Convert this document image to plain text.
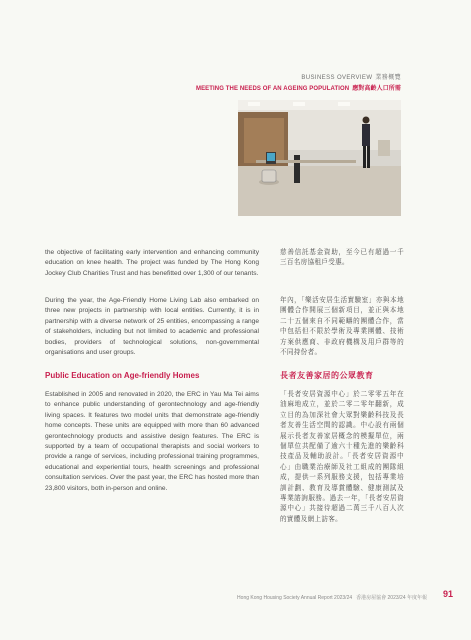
BUSINESS OVERVIEW 業務概覽
MEETING THE NEEDS OF AN AGEING POPULATION 應對高齡人口所需

the objective of facilitating early intervention and enhancing community education on knee health. The project was funded by The Hong Kong Jockey Club Charities Trust and has benefitted over 1,300 of our tenants.

During the year, the Age-Friendly Home Living Lab also embarked on three new projects in partnership with local entities. Currently, it is in partnership with a diverse network of 25 entities, encompassing a range of stakeholders, including but not limited to academic and professional bodies, providers of technological solutions, non-governmental organisations and user groups.

Public Education on Age-friendly Homes

Established in 2005 and renovated in 2020, the ERC in Yau Ma Tei aims to enhance public understanding of gerontechnology and age-friendly living spaces. It features two model units that demonstrate age-friendly home concepts. These units are equipped with more than 60 advanced gerontechnology products and assistive design features. The ERC is supported by a team of occupational therapists and social workers to provide a range of services, including professional training programmes, educational and experiential tours, health screenings and professional consultation services. Over the past year, the ERC has hosted more than 23,800 visitors, both in-person and online.

慈善信託基金資助，至今已有超過一千三百名房協租戶受惠。

年內，「樂活安居生活實驗室」亦與本地團體合作開展三個新項目，並正與本地二十五個來自不同範疇的團體合作，當中包括但不限於學術及專業團體、技術方案供應商、非政府機構及用戶群等的不同持份者。

長者友善家居的公眾教育

「長者安居資源中心」於二零零五年在油麻地成立，並於二零二零年翻新，成立目的為加深社會大眾對樂齡科技及長者友善生活空間的認識。中心設有兩個展示長者友善家居概念的模擬單位，兩個單位共配備了逾六十種先進的樂齡科技產品及輔助設計。「長者安居資源中心」由職業治療師及社工組成的團隊組成，提供一系列服務支援，包括專業培訓計劃、教育及導賞體驗、健康測試及專業諮詢服務。過去一年，「長者安居資源中心」共接待超過二萬三千八百人次的實體及網上訪客。

Hong Kong Housing Society Annual Report 2023/24 香港房屋協會 2023/24 年度年報 91
